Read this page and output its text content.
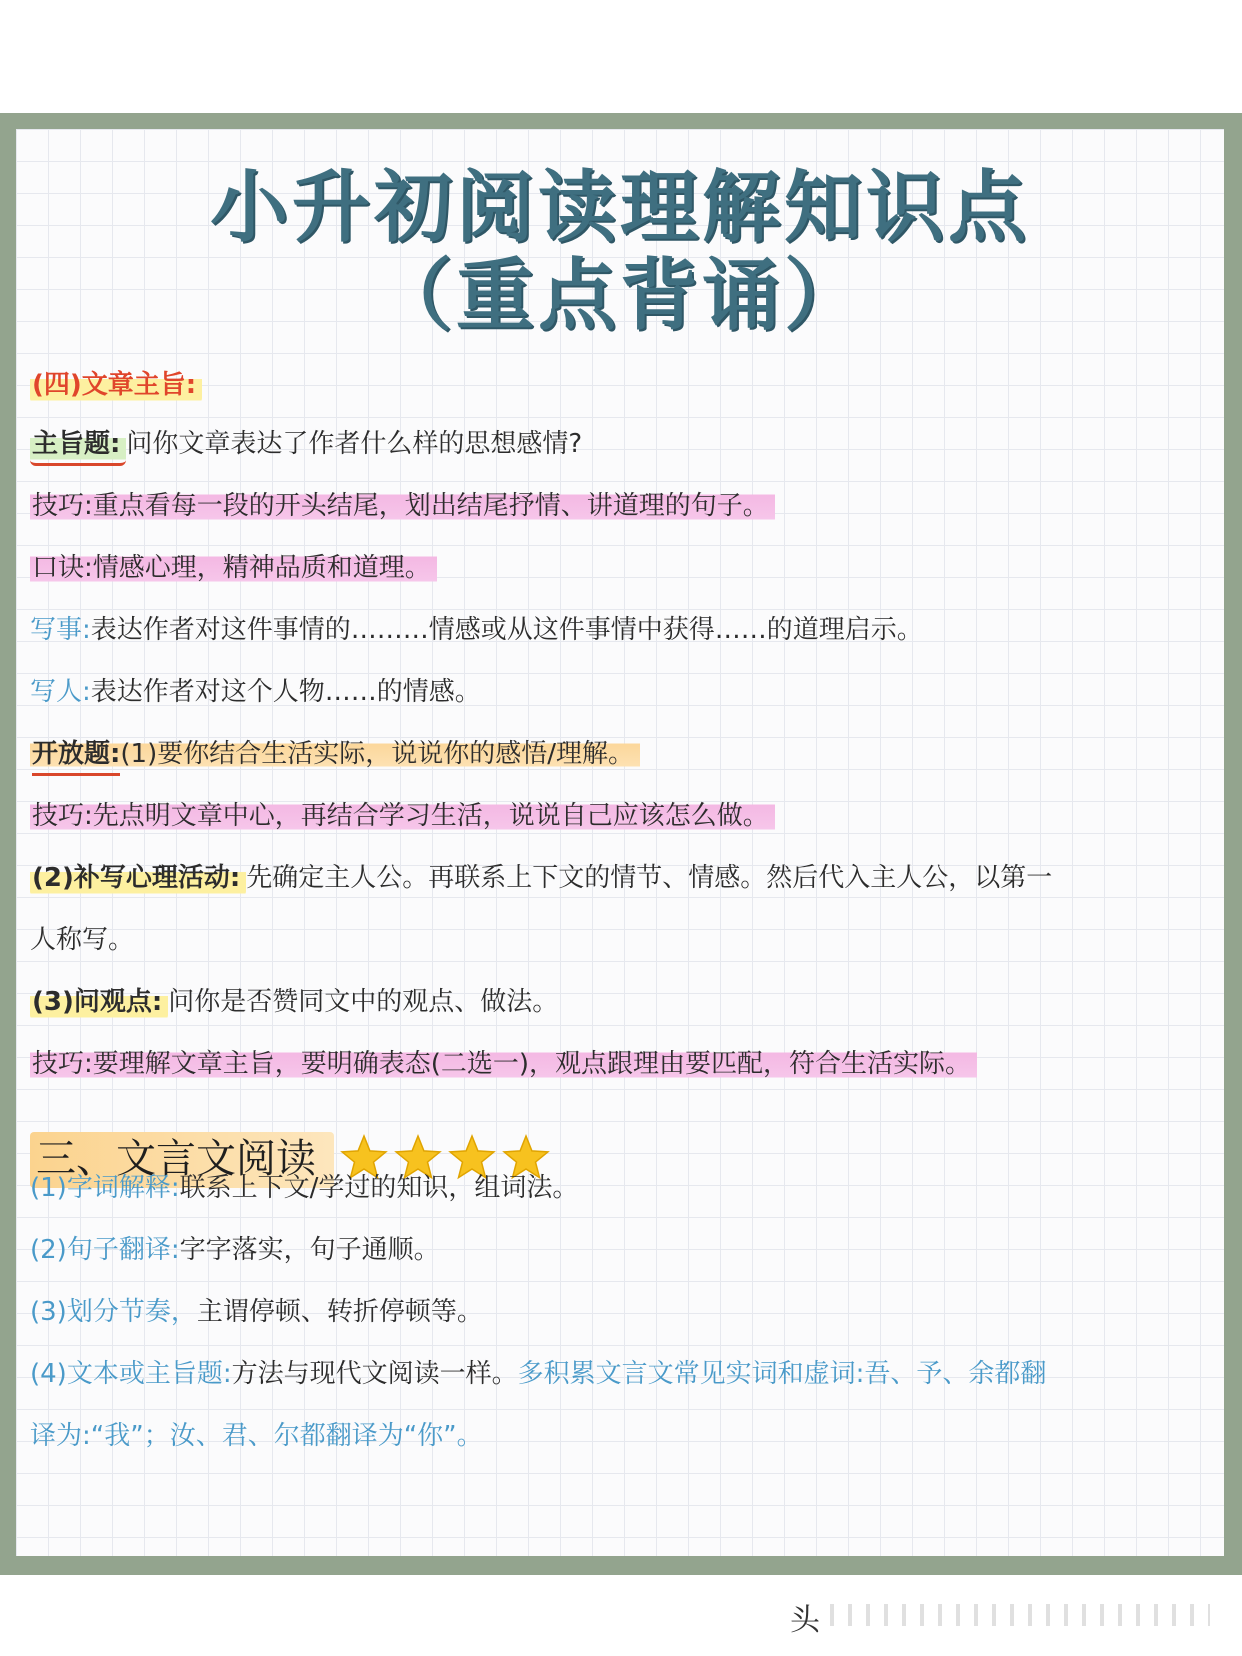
小升初阅读理解知识点
（重点背诵）
(四)文章主旨:
主旨题: 问你文章表达了作者什么样的思想感情?
技巧:重点看每一段的开头结尾，划出结尾抒情、讲道理的句子。
口诀:情感心理，精神品质和道理。
写事:表达作者对这件事情的………情感或从这件事情中获得……的道理启示。
写人:表达作者对这个人物……的情感。
开放题:(1)要你结合生活实际，说说你的感悟/理解。
技巧:先点明文章中心，再结合学习生活，说说自己应该怎么做。
(2)补写心理活动: 先确定主人公。再联系上下文的情节、情感。然后代入主人公，以第一
人称写。
(3)问观点: 问你是否赞同文中的观点、做法。
技巧:要理解文章主旨，要明确表态(二选一)，观点跟理由要匹配，符合生活实际。
三、文言文阅读
(1)字词解释:联系上下文/学过的知识，组词法。
(2)句子翻译:字字落实，句子通顺。
(3)划分节奏，主谓停顿、转折停顿等。
(4)文本或主旨题:方法与现代文阅读一样。多积累文言文常见实词和虚词:吾、予、余都翻
译为:“我”；汝、君、尔都翻译为“你”。
头
